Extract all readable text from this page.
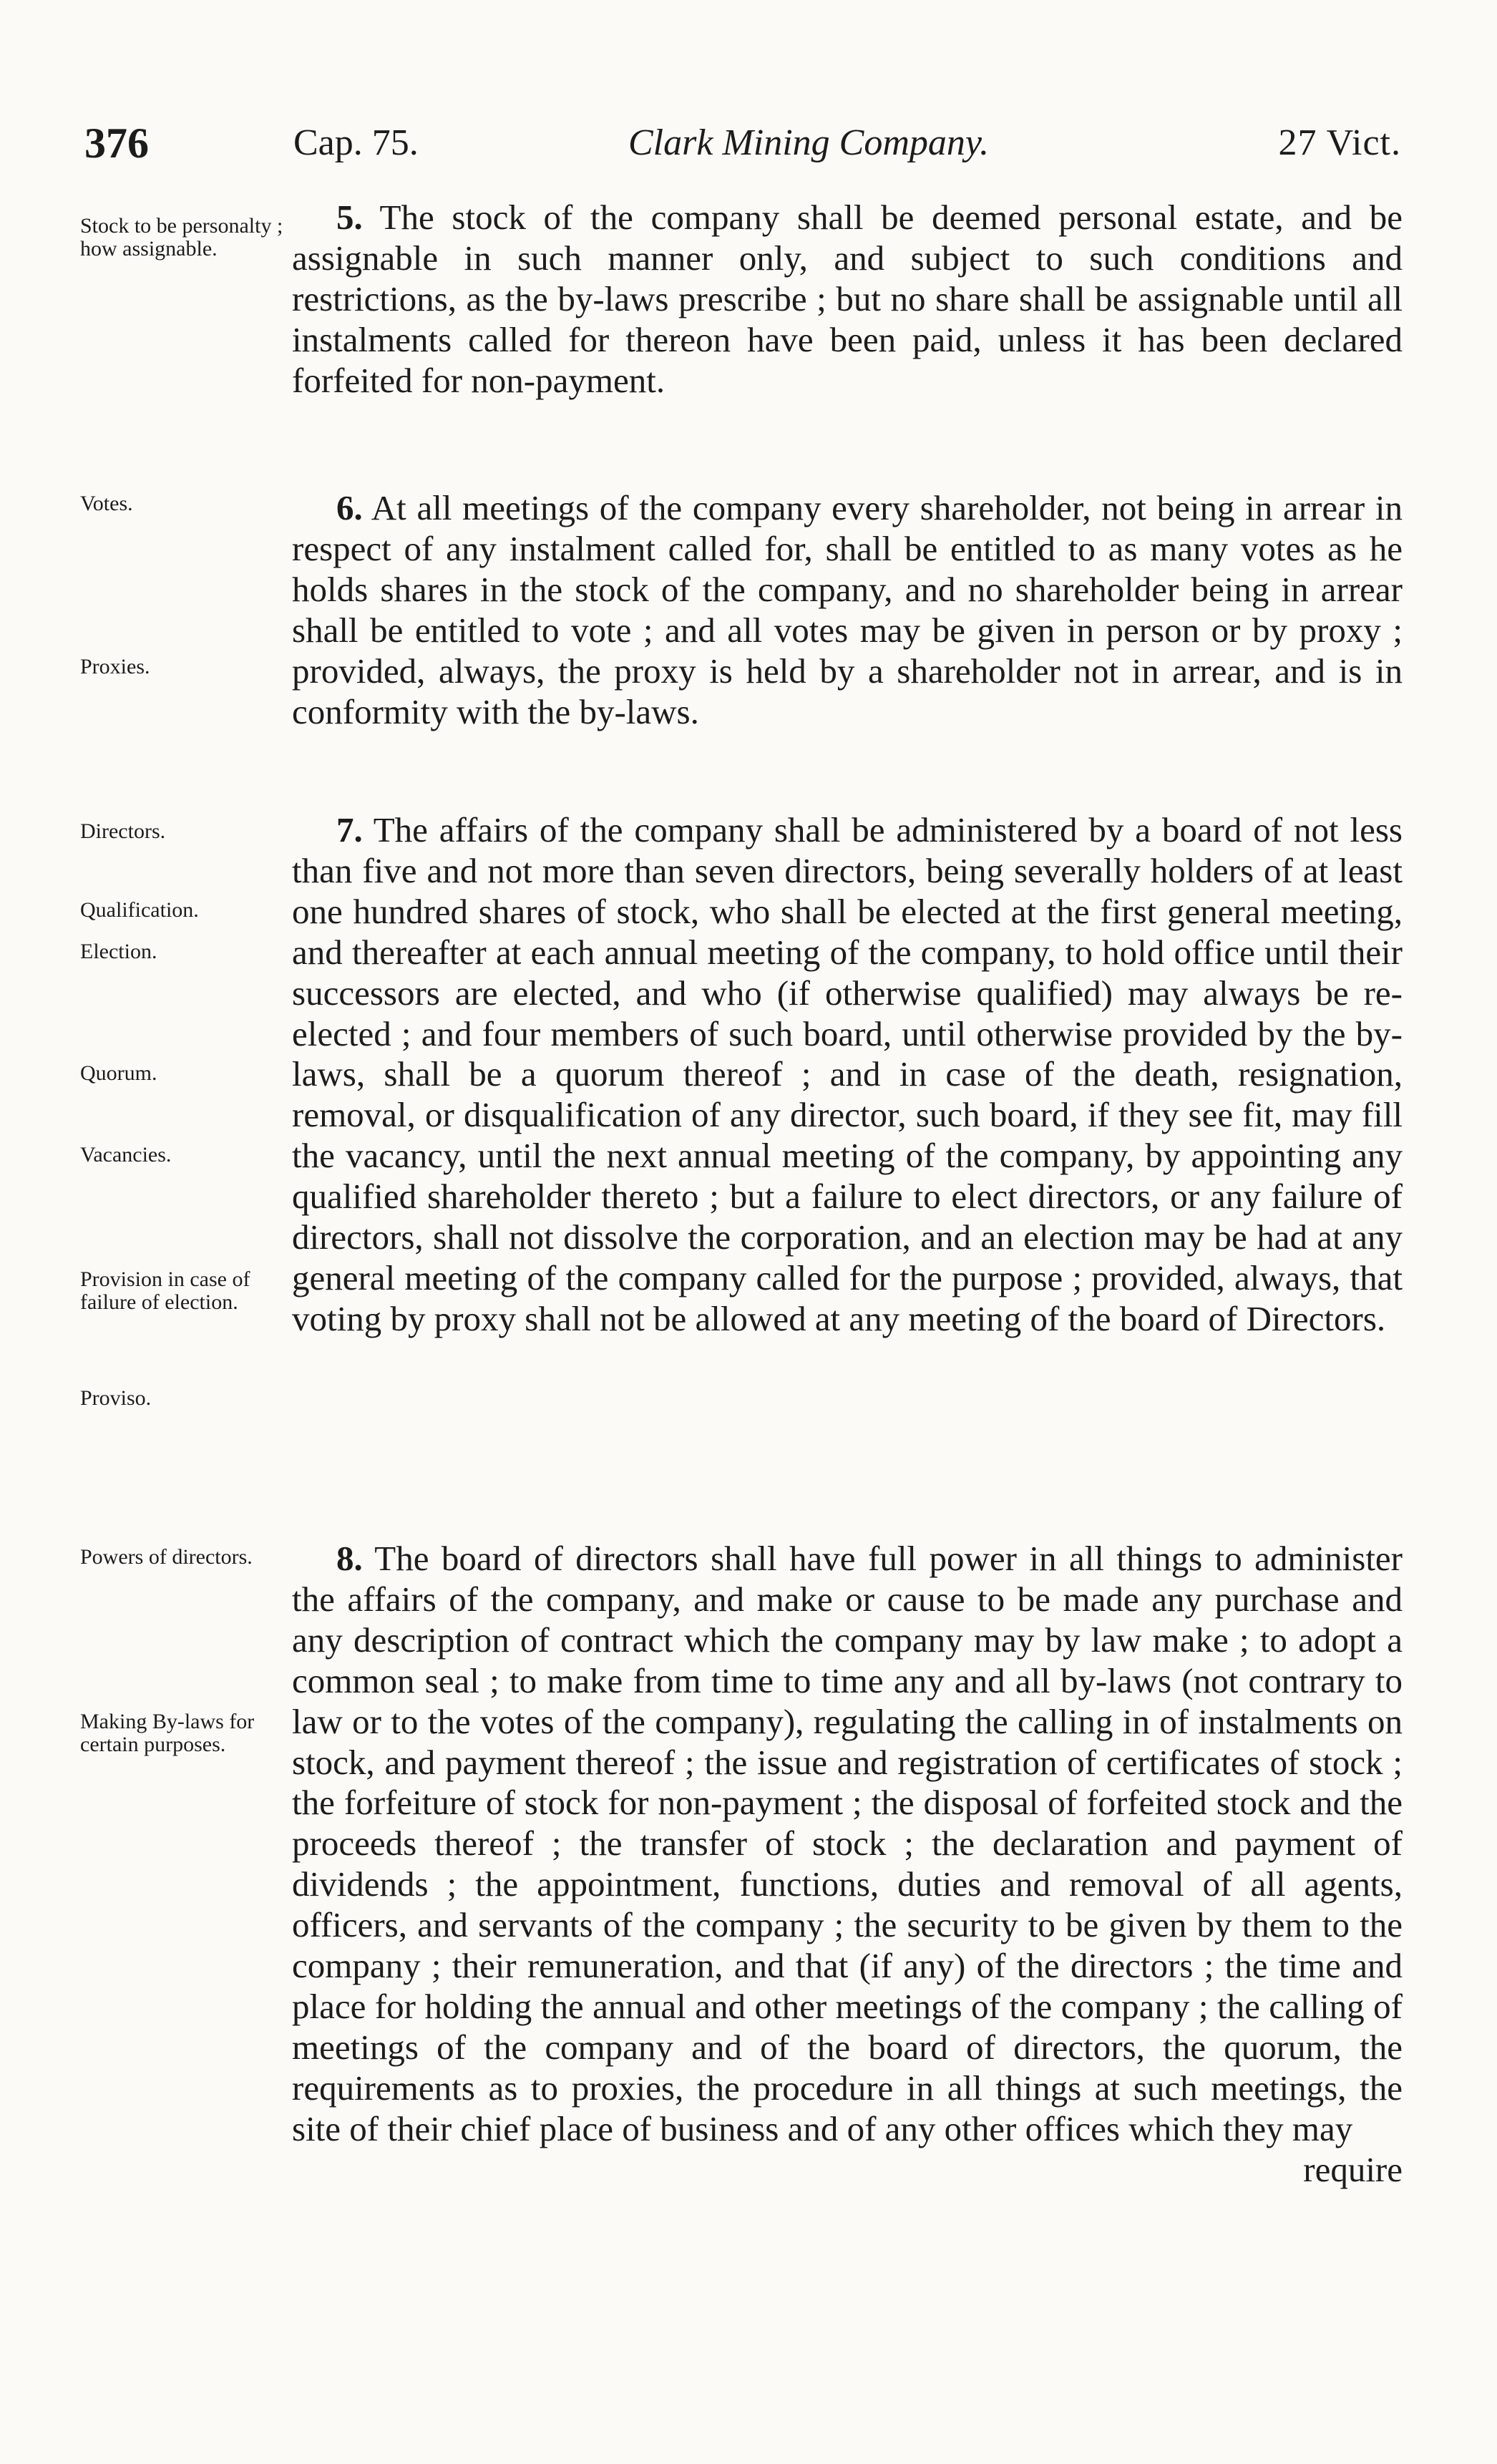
376	Cap. 75.	Clark Mining Company.	27 Vict.
Stock to be personalty ; how assignable.
Votes.
Proxies.
Directors.
Qualification.
Election.
Quorum.
Vacancies.
Provision in case of failure of election.
Proviso.
Powers of directors.
Making By-laws for certain purposes.

5. The stock of the company shall be deemed personal estate, and be assignable in such manner only, and subject to such conditions and restrictions, as the by-laws prescribe ; but no share shall be assignable until all instalments called for thereon have been paid, unless it has been declared forfeited for non-payment.

6. At all meetings of the company every shareholder, not being in arrear in respect of any instalment called for, shall be entitled to as many votes as he holds shares in the stock of the company, and no shareholder being in arrear shall be entitled to vote ; and all votes may be given in person or by proxy ; provided, always, the proxy is held by a shareholder not in arrear, and is in conformity with the by-laws.

7. The affairs of the company shall be administered by a board of not less than five and not more than seven directors, being severally holders of at least one hundred shares of stock, who shall be elected at the first general meeting, and thereafter at each annual meeting of the company, to hold office until their successors are elected, and who (if otherwise qualified) may always be re-elected ; and four members of such board, until otherwise provided by the by-laws, shall be a quorum thereof ; and in case of the death, resignation, removal, or disqualification of any director, such board, if they see fit, may fill the vacancy, until the next annual meeting of the company, by appointing any qualified shareholder thereto ; but a failure to elect directors, or any failure of directors, shall not dissolve the corporation, and an election may be had at any general meeting of the company called for the purpose ; provided, always, that voting by proxy shall not be allowed at any meeting of the board of Directors.

8. The board of directors shall have full power in all things to administer the affairs of the company, and make or cause to be made any purchase and any description of contract which the company may by law make ; to adopt a common seal ; to make from time to time any and all by-laws (not contrary to law or to the votes of the company), regulating the calling in of instalments on stock, and payment thereof ; the issue and registration of certificates of stock ; the forfeiture of stock for non-payment ; the disposal of forfeited stock and the proceeds thereof ; the transfer of stock ; the declaration and payment of dividends ; the appointment, functions, duties and removal of all agents, officers, and servants of the company ; the security to be given by them to the company ; their remuneration, and that (if any) of the directors ; the time and place for holding the annual and other meetings of the company ; the calling of meetings of the company and of the board of directors, the quorum, the requirements as to proxies, the procedure in all things at such meetings, the site of their chief place of business and of any other offices which they may
require
